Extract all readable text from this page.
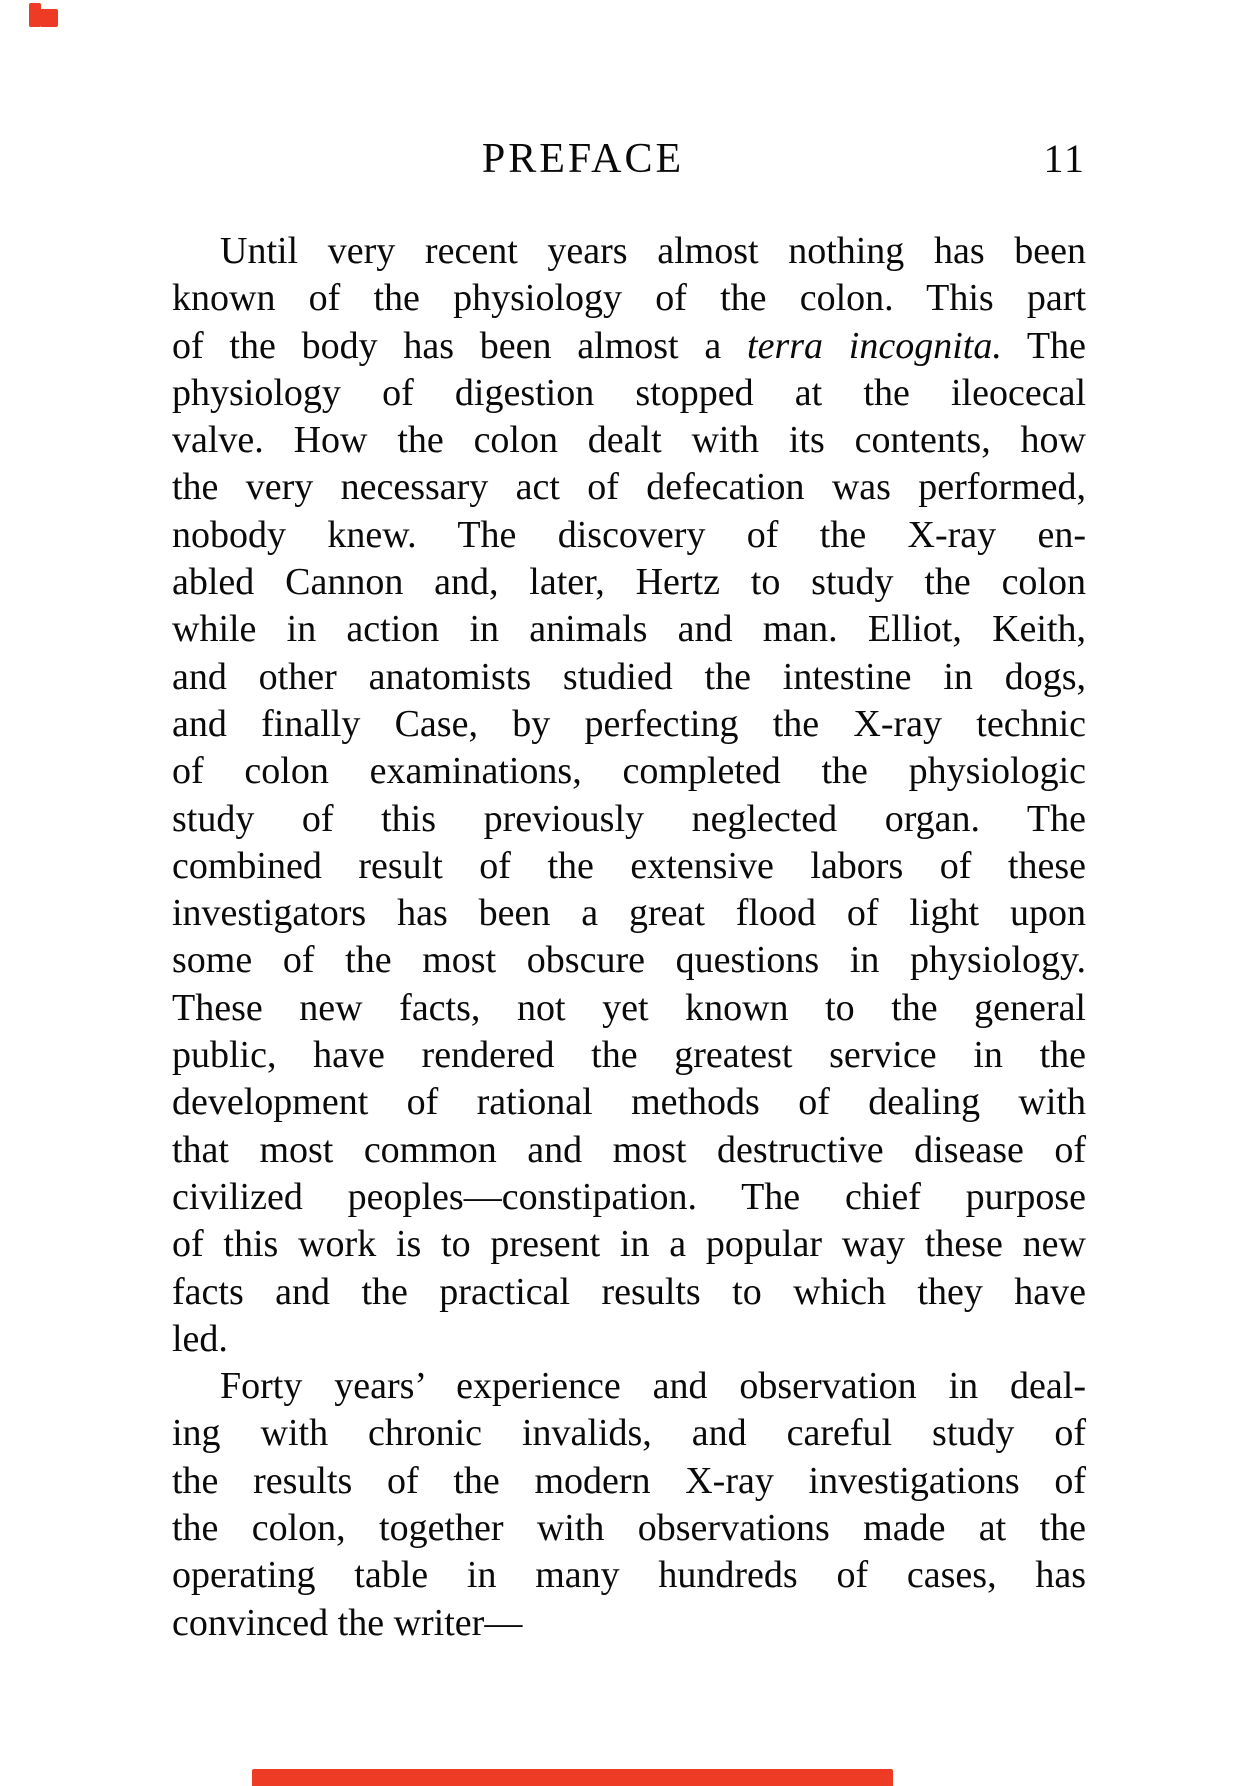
PREFACE	11
Until very recent years almost nothing has been
known of the physiology of the colon. This part
of the body has been almost a terra incognita. The
physiology of digestion stopped at the ileocecal
valve. How the colon dealt with its contents, how
the very necessary act of defecation was performed,
nobody knew. The discovery of the X-ray en-
abled Cannon and, later, Hertz to study the colon
while in action in animals and man. Elliot, Keith,
and other anatomists studied the intestine in dogs,
and finally Case, by perfecting the X-ray technic
of colon examinations, completed the physiologic
study of this previously neglected organ. The
combined result of the extensive labors of these
investigators has been a great flood of light upon
some of the most obscure questions in physiology.
These new facts, not yet known to the general
public, have rendered the greatest service in the
development of rational methods of dealing with
that most common and most destructive disease of
civilized peoples—constipation. The chief purpose
of this work is to present in a popular way these new
facts and the practical results to which they have
led.
Forty years’ experience and observation in deal-
ing with chronic invalids, and careful study of
the results of the modern X-ray investigations of
the colon, together with observations made at the
operating table in many hundreds of cases, has
convinced the writer—
